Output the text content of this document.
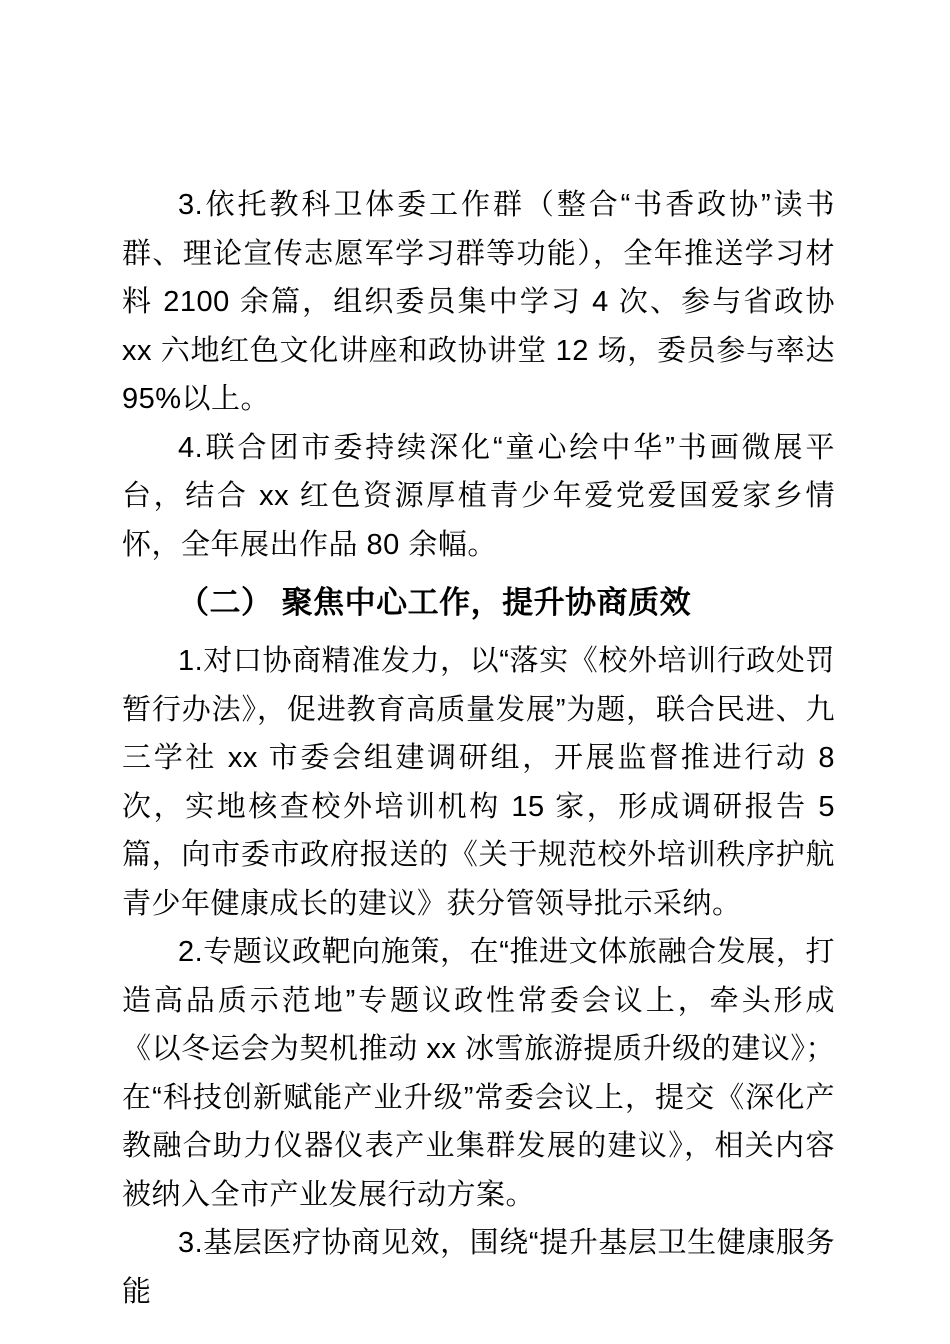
3.依托教科卫体委工作群（整合“书香政协”读书群、理论宣传志愿军学习群等功能），全年推送学习材料 2100 余篇，组织委员集中学习 4 次、参与省政协 xx 六地红色文化讲座和政协讲堂 12 场，委员参与率达 95%以上。

4.联合团市委持续深化“童心绘中华”书画微展平台，结合 xx 红色资源厚植青少年爱党爱国爱家乡情怀，全年展出作品 80 余幅。

（二） 聚焦中心工作，提升协商质效

1.对口协商精准发力，以“落实《校外培训行政处罚暂行办法》，促进教育高质量发展”为题，联合民进、九三学社 xx 市委会组建调研组，开展监督推进行动 8 次，实地核查校外培训机构 15 家，形成调研报告 5 篇，向市委市政府报送的《关于规范校外培训秩序护航青少年健康成长的建议》获分管领导批示采纳。

2.专题议政靶向施策，在“推进文体旅融合发展，打造高品质示范地”专题议政性常委会议上，牵头形成《以冬运会为契机推动 xx 冰雪旅游提质升级的建议》；在“科技创新赋能产业升级”常委会议上，提交《深化产教融合助力仪器仪表产业集群发展的建议》，相关内容被纳入全市产业发展行动方案。

3.基层医疗协商见效，围绕“提升基层卫生健康服务能
